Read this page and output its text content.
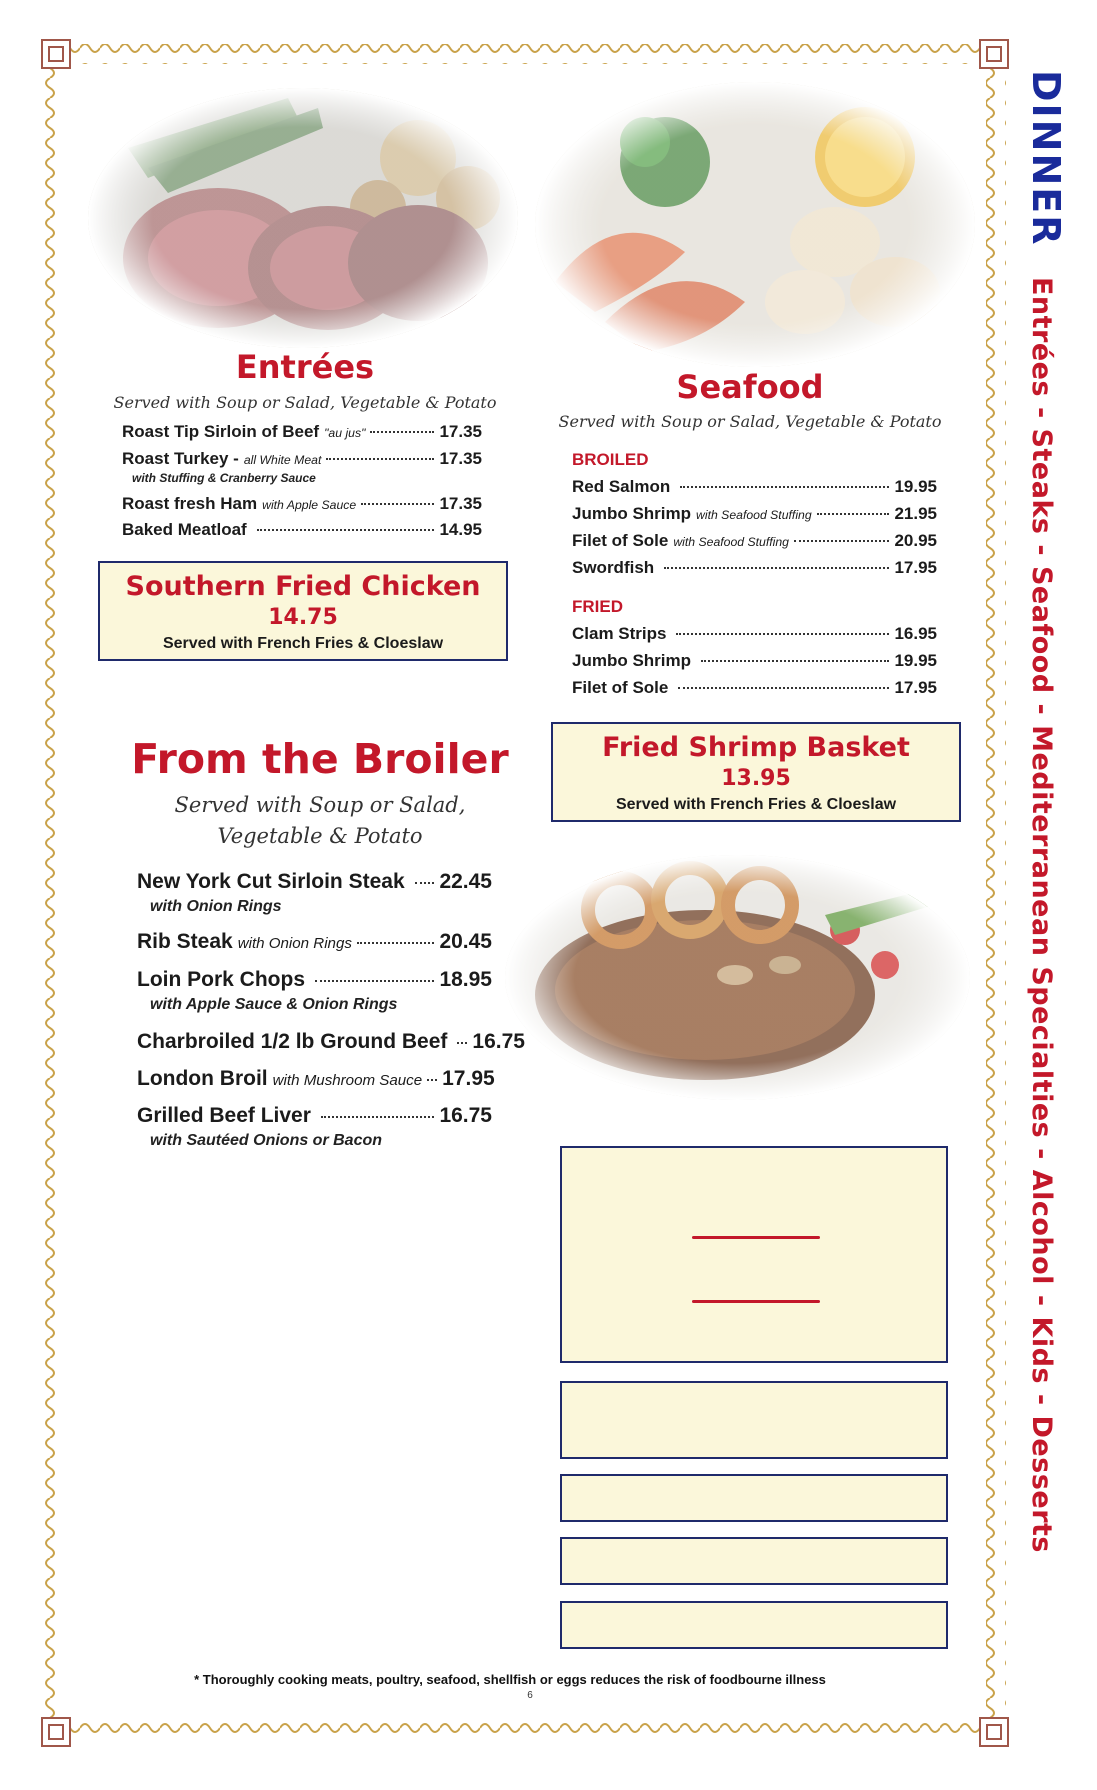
DINNER Entrées - Steaks - Seafood - Mediterranean Specialties - Alcohol - Kids - Desserts
Entrées
Served with Soup or Salad, Vegetable & Potato
Roast Tip Sirloin of Beef "au jus"	17.35
Roast Turkey - all White Meat	17.35
with Stuffing & Cranberry Sauce
Roast fresh Ham with Apple Sauce	17.35
Baked Meatloaf	14.95
Southern Fried Chicken
14.75
Served with French Fries & Cloeslaw
From the Broiler
Served with Soup or Salad,
Vegetable & Potato
New York Cut Sirloin Steak 22.45
with Onion Rings
Rib Steak with Onion Rings	20.45
Loin Pork Chops	18.95
with Apple Sauce & Onion Rings
Charbroiled 1/2 lb Ground Beef 16.75
London Broil with Mushroom Sauce 17.95
Grilled Beef Liver	16.75
with Sautéed Onions or Bacon
Seafood
Served with Soup or Salad, Vegetable & Potato
BROILED
Red Salmon	19.95
Jumbo Shrimp with Seafood Stuffing	21.95
Filet of Sole with Seafood Stuffing	20.95
Swordfish	17.95
FRIED
Clam Strips	16.95
Jumbo Shrimp	19.95
Filet of Sole	17.95
Fried Shrimp Basket
13.95
Served with French Fries & Cloeslaw
* Thoroughly cooking meats, poultry, seafood, shellfish or eggs reduces the risk of foodbourne illness
6
